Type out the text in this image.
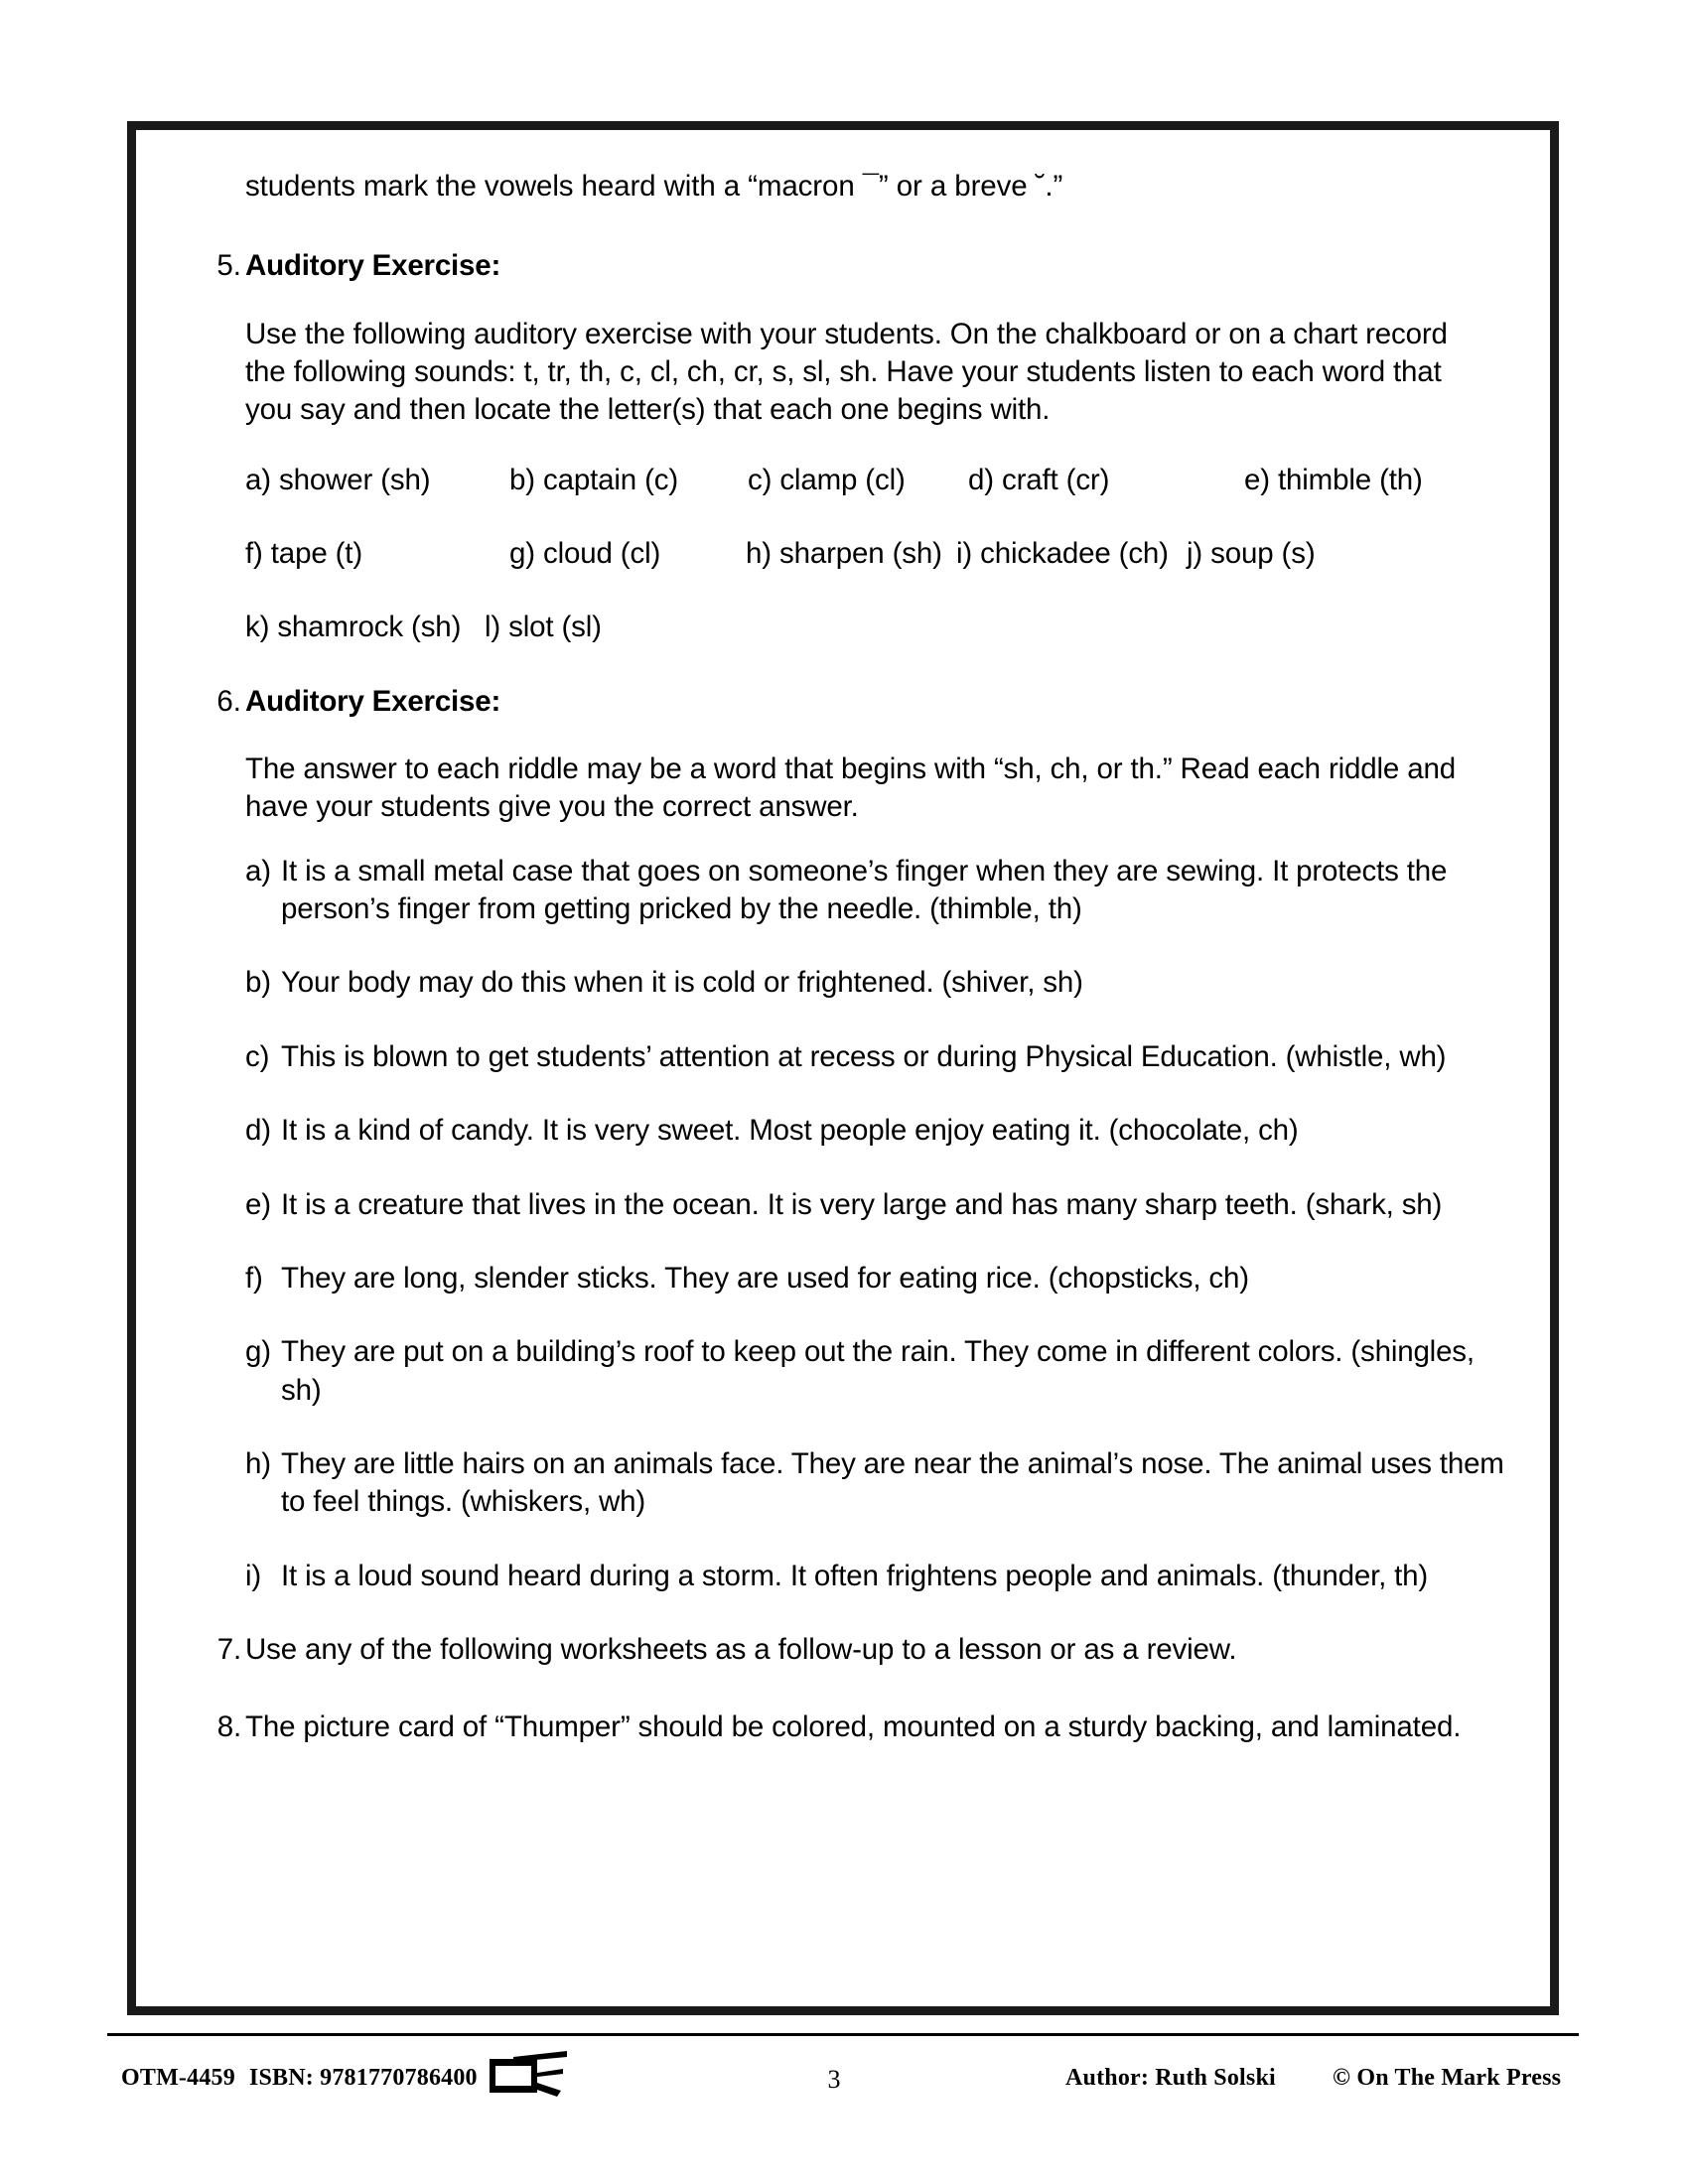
students mark the vowels heard with a “macron ¯” or a breve ˘.”
5. Auditory Exercise:
Use the following auditory exercise with your students. On the chalkboard or on a chart record the following sounds: t, tr, th, c, cl, ch, cr, s, sl, sh. Have your students listen to each word that you say and then locate the letter(s) that each one begins with.
a) shower (sh)	b) captain (c) c) clamp (cl) d) craft (cr)	e) thimble (th)
f) tape (t)	g) cloud (cl)	h) sharpen (sh) i) chickadee (ch) j) soup (s)
k) shamrock (sh) l) slot (sl)
6. Auditory Exercise:
The answer to each riddle may be a word that begins with “sh, ch, or th.” Read each riddle and have your students give you the correct answer.
a) It is a small metal case that goes on someone’s finger when they are sewing. It protects the person’s finger from getting pricked by the needle. (thimble, th)
b) Your body may do this when it is cold or frightened. (shiver, sh)
c) This is blown to get students’ attention at recess or during Physical Education. (whistle, wh)
d) It is a kind of candy. It is very sweet. Most people enjoy eating it. (chocolate, ch)
e) It is a creature that lives in the ocean. It is very large and has many sharp teeth. (shark, sh)
f) They are long, slender sticks. They are used for eating rice. (chopsticks, ch)
g) They are put on a building’s roof to keep out the rain. They come in different colors. (shingles, sh)
h) They are little hairs on an animals face. They are near the animal’s nose. The animal uses them to feel things. (whiskers, wh)
i) It is a loud sound heard during a storm. It often frightens people and animals. (thunder, th)
7. Use any of the following worksheets as a follow-up to a lesson or as a review.
8. The picture card of “Thumper” should be colored, mounted on a sturdy backing, and laminated.
OTM-4459 ISBN: 9781770786400	3	Author: Ruth Solski © On The Mark Press
